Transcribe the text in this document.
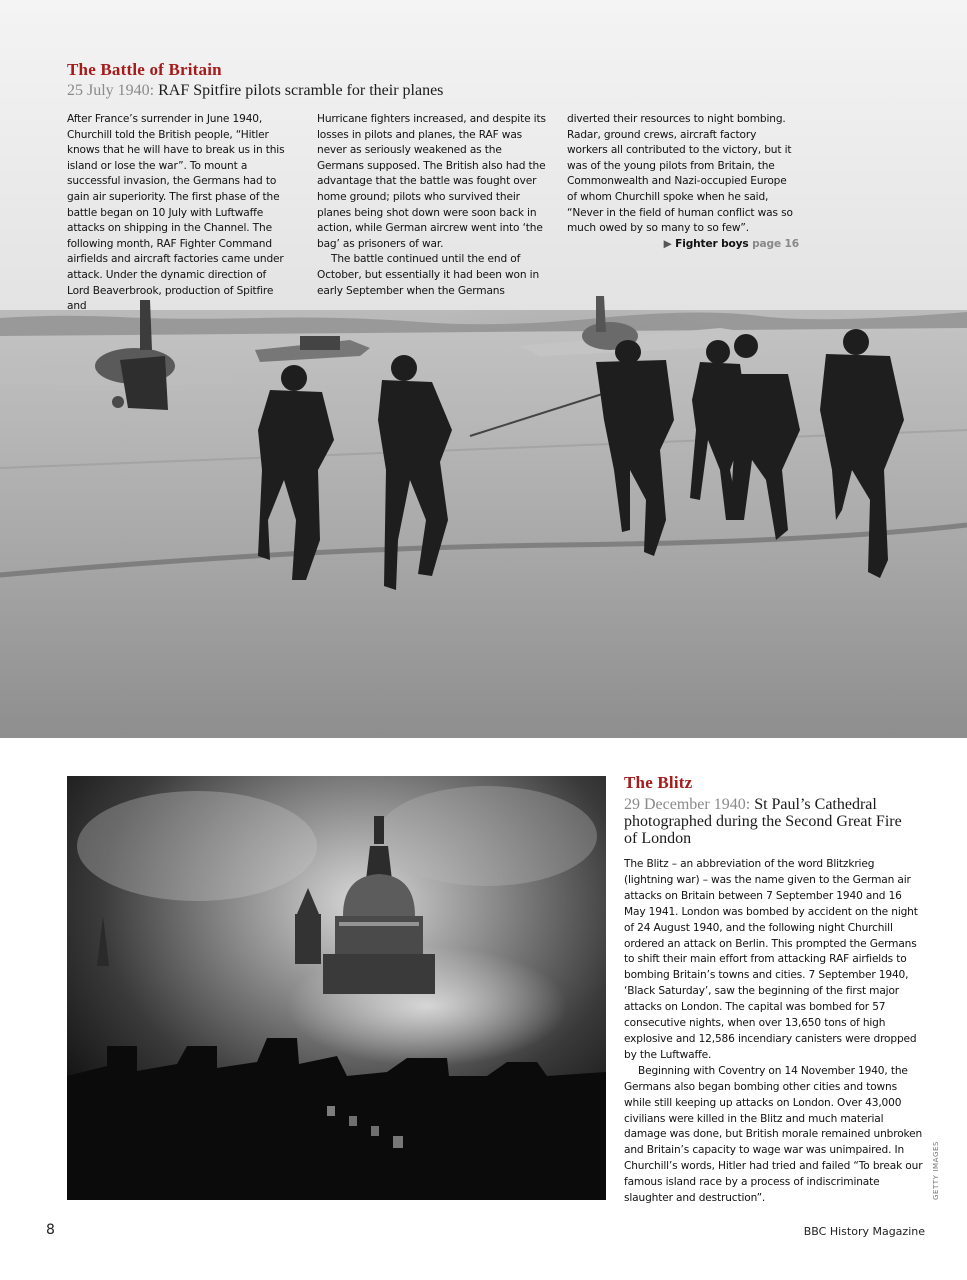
The Battle of Britain
25 July 1940: RAF Spitfire pilots scramble for their planes

After France’s surrender in June 1940, Churchill told the British people, “Hitler knows that he will have to break us in this island or lose the war”. To mount a successful invasion, the Germans had to gain air superiority. The first phase of the battle began on 10 July with Luftwaffe attacks on shipping in the Channel. The following month, RAF Fighter Command airfields and aircraft factories came under attack. Under the dynamic direction of Lord Beaverbrook, production of Spitfire and

Hurricane fighters increased, and despite its losses in pilots and planes, the RAF was never as seriously weakened as the Germans supposed. The British also had the advantage that the battle was fought over home ground; pilots who survived their planes being shot down were soon back in action, while German aircrew went into ‘the bag’ as prisoners of war.

The battle continued until the end of October, but essentially it had been won in early September when the Germans

diverted their resources to night bombing. Radar, ground crews, aircraft factory workers all contributed to the victory, but it was of the young pilots from Britain, the Commonwealth and Nazi-occupied Europe of whom Churchill spoke when he said, “Never in the field of human conflict was so much owed by so many to so few”.

▶ Fighter boys page 16

The Blitz
29 December 1940: St Paul’s Cathedral photographed during the Second Great Fire of London

The Blitz – an abbreviation of the word Blitzkrieg (lightning war) – was the name given to the German air attacks on Britain between 7 September 1940 and 16 May 1941. London was bombed by accident on the night of 24 August 1940, and the following night Churchill ordered an attack on Berlin. This prompted the Germans to shift their main effort from attacking RAF airfields to bombing Britain’s towns and cities. 7 September 1940, ‘Black Saturday’, saw the beginning of the first major attacks on London. The capital was bombed for 57 consecutive nights, when over 13,650 tons of high explosive and 12,586 incendiary canisters were dropped by the Luftwaffe.

Beginning with Coventry on 14 November 1940, the Germans also began bombing other cities and towns while still keeping up attacks on London. Over 43,000 civilians were killed in the Blitz and much material damage was done, but British morale remained unbroken and Britain’s capacity to wage war was unimpaired. In Churchill’s words, Hitler had tried and failed “To break our famous island race by a process of indiscriminate slaughter and destruction”.	GETTY IMAGES
8	BBC History Magazine
